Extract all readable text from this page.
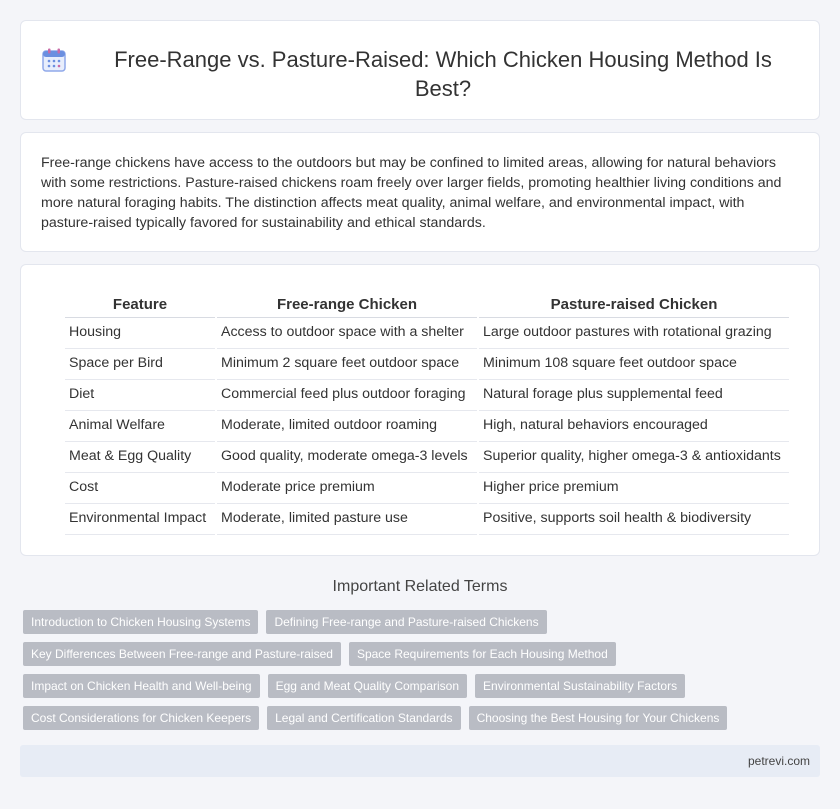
Free-Range vs. Pasture-Raised: Which Chicken Housing Method Is Best?

Free-range chickens have access to the outdoors but may be confined to limited areas, allowing for natural behaviors with some restrictions. Pasture-raised chickens roam freely over larger fields, promoting healthier living conditions and more natural foraging habits. The distinction affects meat quality, animal welfare, and environmental impact, with pasture-raised typically favored for sustainability and ethical standards.

Feature	Free-range Chicken	Pasture-raised Chicken
Housing	Access to outdoor space with a shelter	Large outdoor pastures with rotational grazing
Space per Bird	Minimum 2 square feet outdoor space	Minimum 108 square feet outdoor space
Diet	Commercial feed plus outdoor foraging	Natural forage plus supplemental feed
Animal Welfare	Moderate, limited outdoor roaming	High, natural behaviors encouraged
Meat & Egg Quality	Good quality, moderate omega-3 levels	Superior quality, higher omega-3 & antioxidants
Cost	Moderate price premium	Higher price premium
Environmental Impact	Moderate, limited pasture use	Positive, supports soil health & biodiversity
Important Related Terms
Introduction to Chicken Housing Systems	Defining Free-range and Pasture-raised Chickens
Key Differences Between Free-range and Pasture-raised	Space Requirements for Each Housing Method
Impact on Chicken Health and Well-being	Egg and Meat Quality Comparison	Environmental Sustainability Factors
Cost Considerations for Chicken Keepers	Legal and Certification Standards	Choosing the Best Housing for Your Chickens
petrevi.com
